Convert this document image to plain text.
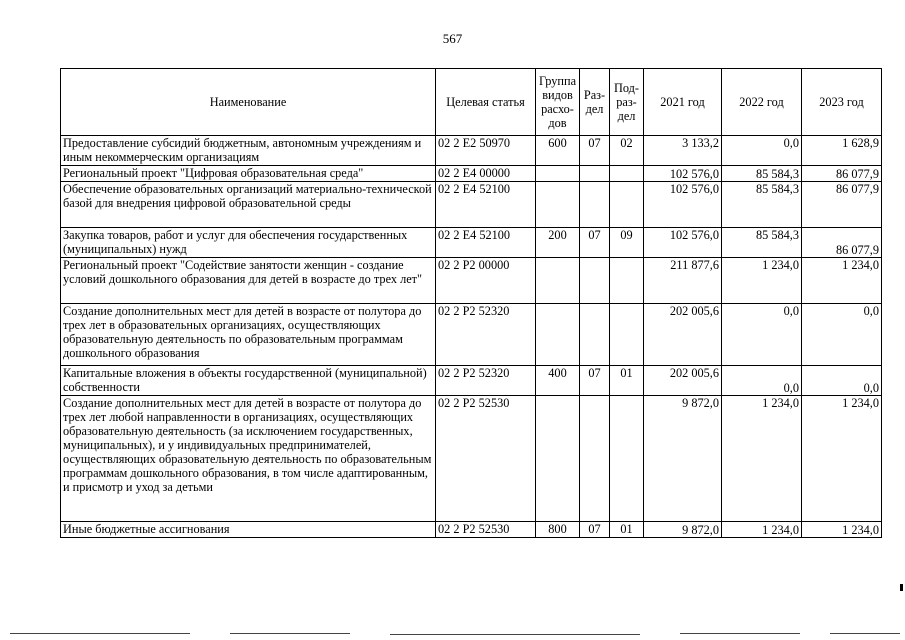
567
Наименование	Целевая статья	Группа видов расхо-дов	Раз-дел	Под-раз-дел	2021 год	2022 год	2023 год
Предоставление субсидий бюджетным, автономным учреждениям и иным некоммерческим организациям	02 2 E2 50970	600	07	02	3 133,2	0,0	1 628,9
Региональный проект "Цифровая образовательная среда"	02 2 E4 00000				102 576,0	85 584,3	86 077,9
Обеспечение образовательных организаций материально-технической базой для внедрения цифровой образовательной среды	02 2 E4 52100				102 576,0	85 584,3	86 077,9
Закупка товаров, работ и услуг для обеспечения государственных (муниципальных) нужд	02 2 E4 52100	200	07	09	102 576,0	85 584,3	86 077,9
Региональный проект "Содействие занятости женщин - создание условий дошкольного образования для детей в возрасте до трех лет"	02 2 P2 00000				211 877,6	1 234,0	1 234,0
Создание дополнительных мест для детей в возрасте от полутора до трех лет в образовательных организациях, осуществляющих образовательную деятельность по образовательным программам дошкольного образования	02 2 P2 52320				202 005,6	0,0	0,0
Капитальные вложения в объекты государственной (муниципальной) собственности	02 2 P2 52320	400	07	01	202 005,6	0,0	0,0
Создание дополнительных мест для детей в возрасте от полутора до трех лет любой направленности в организациях, осуществляющих образовательную деятельность (за исключением государственных, муниципальных), и у индивидуальных предпринимателей, осуществляющих образовательную деятельность по образовательным программам дошкольного образования, в том числе адаптированным, и присмотр и уход за детьми	02 2 P2 52530				9 872,0	1 234,0	1 234,0
Иные бюджетные ассигнования	02 2 P2 52530	800	07	01	9 872,0	1 234,0	1 234,0
